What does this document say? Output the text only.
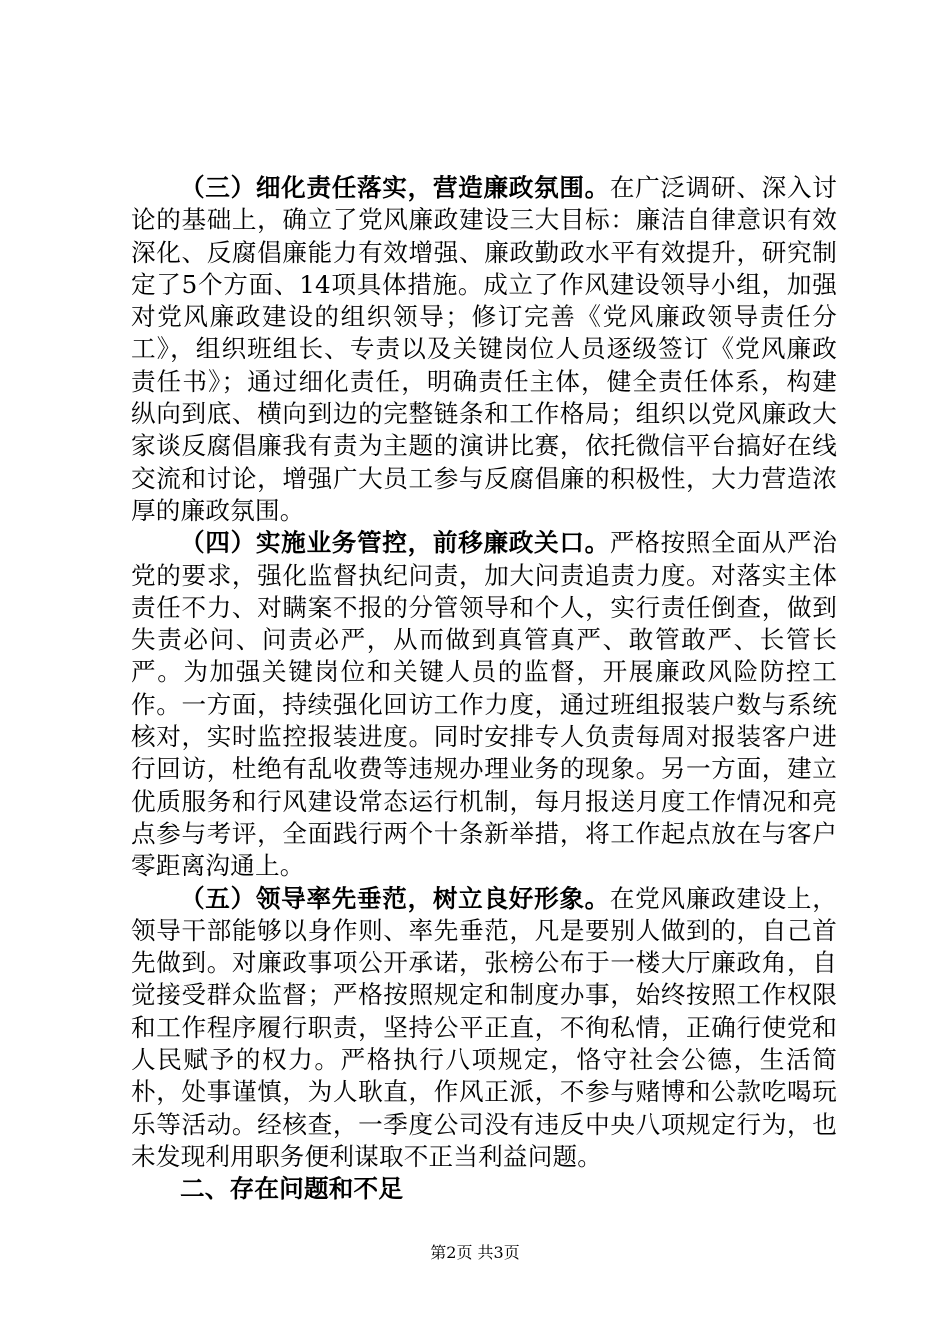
（三）细化责任落实，营造廉政氛围。在广泛调研、深入讨论的基础上，确立了党风廉政建设三大目标：廉洁自律意识有效深化、反腐倡廉能力有效增强、廉政勤政水平有效提升，研究制定了5个方面、14项具体措施。成立了作风建设领导小组，加强对党风廉政建设的组织领导；修订完善《党风廉政领导责任分工》，组织班组长、专责以及关键岗位人员逐级签订《党风廉政责任书》；通过细化责任，明确责任主体，健全责任体系，构建纵向到底、横向到边的完整链条和工作格局；组织以党风廉政大家谈反腐倡廉我有责为主题的演讲比赛，依托微信平台搞好在线交流和讨论，增强广大员工参与反腐倡廉的积极性，大力营造浓厚的廉政氛围。

（四）实施业务管控，前移廉政关口。严格按照全面从严治党的要求，强化监督执纪问责，加大问责追责力度。对落实主体责任不力、对瞒案不报的分管领导和个人，实行责任倒查，做到失责必问、问责必严，从而做到真管真严、敢管敢严、长管长严。为加强关键岗位和关键人员的监督，开展廉政风险防控工作。一方面，持续强化回访工作力度，通过班组报装户数与系统核对，实时监控报装进度。同时安排专人负责每周对报装客户进行回访，杜绝有乱收费等违规办理业务的现象。另一方面，建立优质服务和行风建设常态运行机制，每月报送月度工作情况和亮点参与考评，全面践行两个十条新举措，将工作起点放在与客户零距离沟通上。

（五）领导率先垂范，树立良好形象。在党风廉政建设上，领导干部能够以身作则、率先垂范，凡是要别人做到的，自己首先做到。对廉政事项公开承诺，张榜公布于一楼大厅廉政角，自觉接受群众监督；严格按照规定和制度办事，始终按照工作权限和工作程序履行职责，坚持公平正直，不徇私情，正确行使党和人民赋予的权力。严格执行八项规定，恪守社会公德，生活简朴，处事谨慎，为人耿直，作风正派，不参与赌博和公款吃喝玩乐等活动。经核查，一季度公司没有违反中央八项规定行为，也未发现利用职务便利谋取不正当利益问题。

二、存在问题和不足

第2页 共3页
